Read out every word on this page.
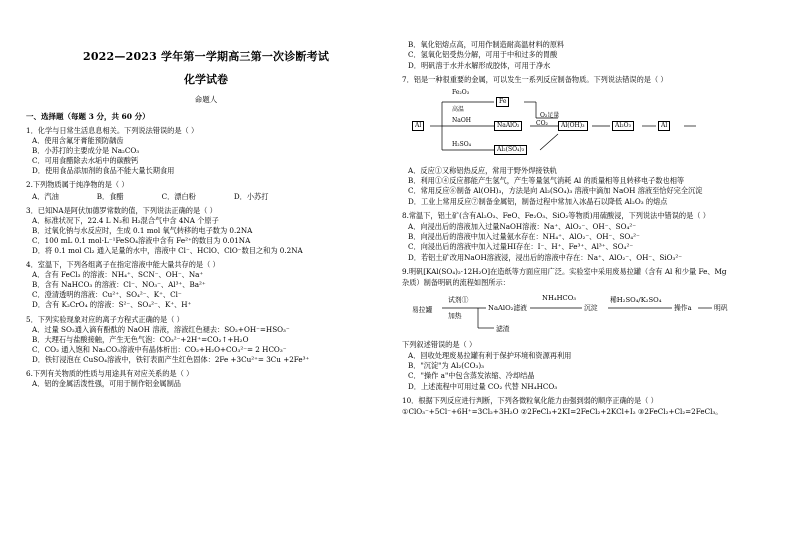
2022—2023 学年第一学期高三第一次诊断考试
化学试卷
命题人
一、选择题（每题 3 分，共 60 分）
1．化学与日常生活息息相关。下列说法错误的是（ ）
A．使用含氟牙膏能预防龋齿
B．小苏打的主要成分是 Na₂CO₃
C．可用食醋除去水垢中的碳酸钙
D．使用食品添加剂的食品不能大量长期食用
2.下列物质属于纯净物的是（ ）
A．汽油	B．食醋	C．漂白粉	D．小苏打
3．已知NA是阿伏加德罗常数的值，下列说法正确的是（ ）
A．标准状况下，22.4 L N₂和 H₂混合气中含 4NA 个原子
B．过氧化钠与水反应时，生成 0.1 mol 氧气转移的电子数为 0.2NA
C．100 mL 0.1 mol·L⁻¹FeSO₄溶液中含有 Fe²⁺的数目为 0.01NA
D．将 0.1 mol Cl₂ 通入足量的水中，溶液中 Cl⁻、HClO、ClO⁻数目之和为 0.2NA
4．室温下，下列各组离子在指定溶液中能大量共存的是（ ）
A．含有 FeCl₃ 的溶液：NH₄⁺、SCN⁻、OH⁻、Na⁺
B．含有 NaHCO₃ 的溶液：Cl⁻、NO₃⁻、Al³⁺、Ba²⁺
C．澄清透明的溶液：Cu²⁺、SO₄²⁻、K⁺、Cl⁻
D．含有 K₂CrO₄ 的溶液：S²⁻、SO₄²⁻、K⁺、H⁺
5．下列实验现象对应的离子方程式正确的是（ ）
A．过量 SO₂通入滴有酚酞的 NaOH 溶液，溶液红色褪去：SO₂+OH⁻=HSO₃⁻
B．大理石与盐酸接触，产生无色气泡：CO₃²⁻+2H⁺=CO₂↑+H₂O
C．CO₂ 通入饱和 Na₂CO₃溶液中有晶体析出：CO₂+H₂O+CO₃²⁻= 2 HCO₃⁻
D．铁钉浸泡在 CuSO₄溶液中，铁钉表面产生红色固体：2Fe +3Cu²⁺= 3Cu +2Fe³⁺
6.下列有关物质的性质与用途具有对应关系的是（ ）
A．铝的金属活泼性强，可用于制作铝金属制品
B．氧化铝熔点高，可用作制造耐高温材料的原料
C．氢氧化铝受热分解，可用于中和过多的胃酸
D．明矾溶于水并水解形成胶体，可用于净水
7．铝是一种很重要的金属，可以发生一系列反应制备物质。下列说法错误的是（ ）
Al
Fe
Fe₂O₃
高温
NaOH
H₂SO₄
NaAlO₂
Al₂(SO₄)₃
O₂足量
CO₂	Al(OH)₃	Al₂O₃	Al
A．反应①又称铝热反应，常用于野外焊接铁轨
B．利用①④反应都能产生氢气，产生等量氢气消耗 Al 的质量相等且转移电子数也相等
C．常用反应⑥制备 Al(OH)₃，方法是向 Al₂(SO₄)₃ 溶液中滴加 NaOH 溶液至恰好完全沉淀
D．工业上常用反应⑦制备金属铝，制备过程中常加入冰晶石以降低 Al₂O₃ 的熔点
8.常温下，铝土矿(含有Al₂O₃、FeO、Fe₂O₃、SiO₂等物质)用硫酸浸，下列说法中错误的是（ ）
A．向浸出后的溶液加入过量NaOH溶液：Na⁺、AlO₂⁻、OH⁻、SO₄²⁻
B．向浸出后的溶液中加入过量氨水存在：NH₄⁺、AlO₂⁻、OH⁻、SO₄²⁻
C．向浸出后的溶液中加入过量HI存在：I⁻、H⁺、Fe³⁺、Al³⁺、SO₄²⁻
D．若铝土矿改用NaOH溶液浸，浸出后的溶液中存在：Na⁺、AlO₂⁻、OH⁻、SiO₃²⁻
9.明矾[KAl(SO₄)₂·12H₂O]在造纸等方面应用广泛。实验室中采用废易拉罐（含有 Al 和少量 Fe、Mg
杂质）制备明矾的流程如图所示：
易拉罐
试剂①
加热
NaAlO₂滤液
NH₄HCO₃
沉淀
稀H₂SO₄/K₂SO₄
操作a	明矾
滤渣
下列叙述错误的是（ ）
A．回收处理废易拉罐有利于保护环境和资源再利用
B．"沉淀"为 Al₂(CO₃)₃
C．"操作 a"中包含蒸发浓缩、冷却结晶
D．上述流程中可用过量 CO₂ 代替 NH₄HCO₃
10．根据下列反应进行判断，下列各微粒氧化能力由强到弱的顺序正确的是（ ）
①ClO₃⁻+5Cl⁻+6H⁺=3Cl₂+3H₂O ②2FeCl₃+2KI=2FeCl₂+2KCl+I₂ ③2FeCl₂+Cl₂=2FeCl₃。
